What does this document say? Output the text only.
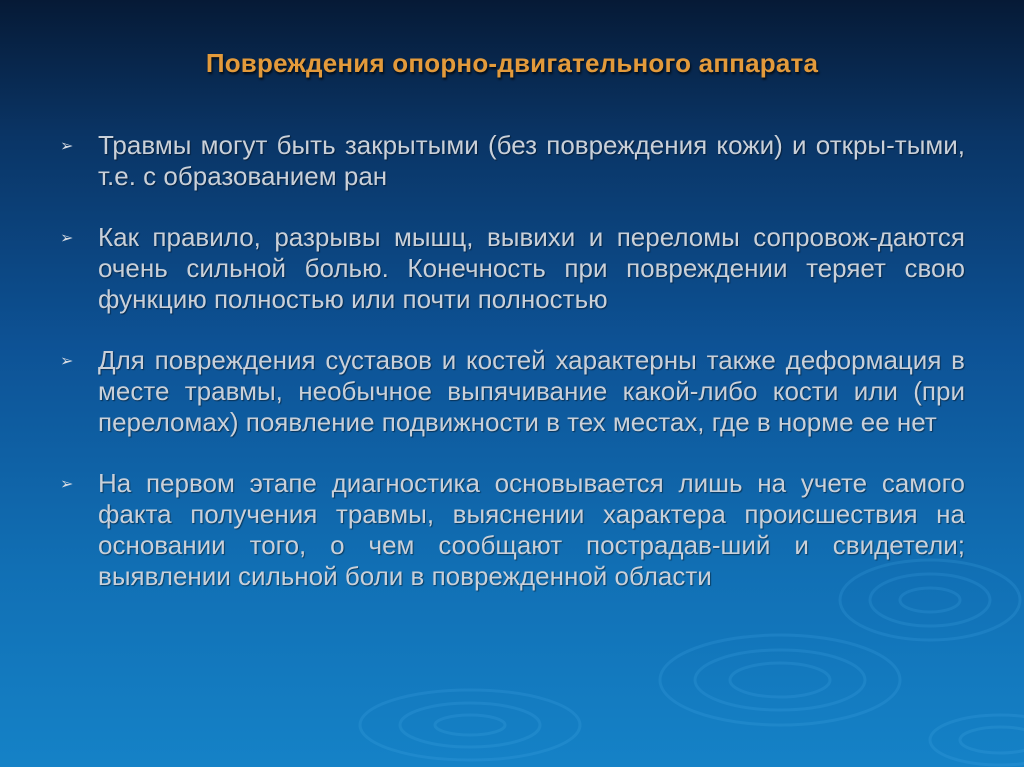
Повреждения опорно-двигательного аппарата
➢ Травмы могут быть закрытыми (без повреждения кожи) и откры-тыми, т.е. с образованием ран
➢ Как правило, разрывы мышц, вывихи и переломы сопровож-даются очень сильной болью. Конечность при повреждении теряет свою функцию полностью или почти полностью
➢ Для повреждения суставов и костей характерны также деформация в месте травмы, необычное выпячивание какой-либо кости или (при переломах) появление подвижности в тех местах, где в норме ее нет
➢ На первом этапе диагностика основывается лишь на учете самого факта получения травмы, выяснении характера происшествия на основании того, о чем сообщают пострадав-ший и свидетели; выявлении сильной боли в поврежденной области
